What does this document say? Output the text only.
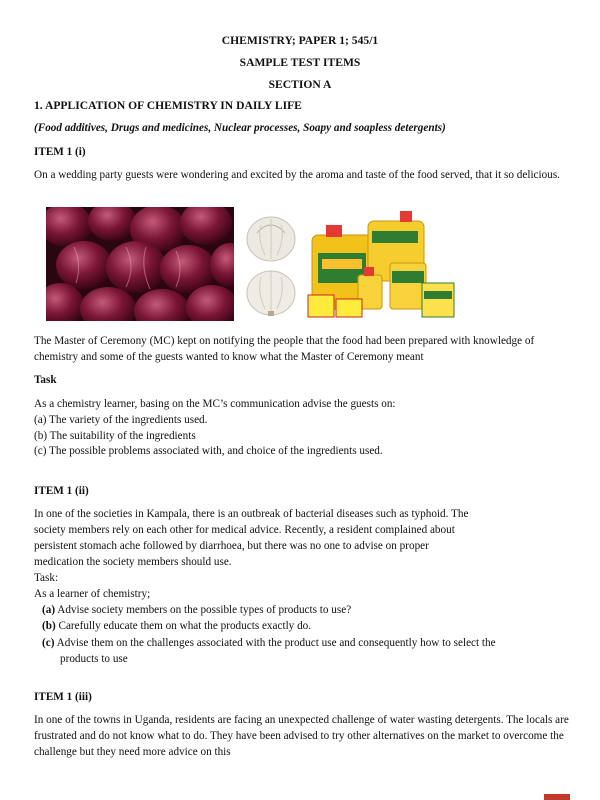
CHEMISTRY; PAPER 1; 545/1
SAMPLE TEST ITEMS
SECTION A
1. APPLICATION OF CHEMISTRY IN DAILY LIFE
(Food additives, Drugs and medicines, Nuclear processes, Soapy and soapless detergents)
ITEM 1 (i)
On a wedding party guests were wondering and excited by the aroma and taste of the food served, that it so delicious.
The Master of Ceremony (MC) kept on notifying the people that the food had been prepared with knowledge of chemistry and some of the guests wanted to know what the Master of Ceremony meant
Task
As a chemistry learner, basing on the MC’s communication advise the guests on:
(a) The variety of the ingredients used.
(b) The suitability of the ingredients
(c) The possible problems associated with, and choice of the ingredients used.
ITEM 1 (ii)
In one of the societies in Kampala, there is an outbreak of bacterial diseases such as typhoid. The
society members rely on each other for medical advice. Recently, a resident complained about
persistent stomach ache followed by diarrhoea, but there was no one to advise on proper
medication the society members should use.
Task:
As a learner of chemistry;
(a) Advise society members on the possible types of products to use?
(b) Carefully educate them on what the products exactly do.
(c) Advise them on the challenges associated with the product use and consequently how to select the products to use
ITEM 1 (iii)
In one of the towns in Uganda, residents are facing an unexpected challenge of water wasting detergents. The locals are frustrated and do not know what to do. They have been advised to try other alternatives on the market to overcome the challenge but they need more advice on this
